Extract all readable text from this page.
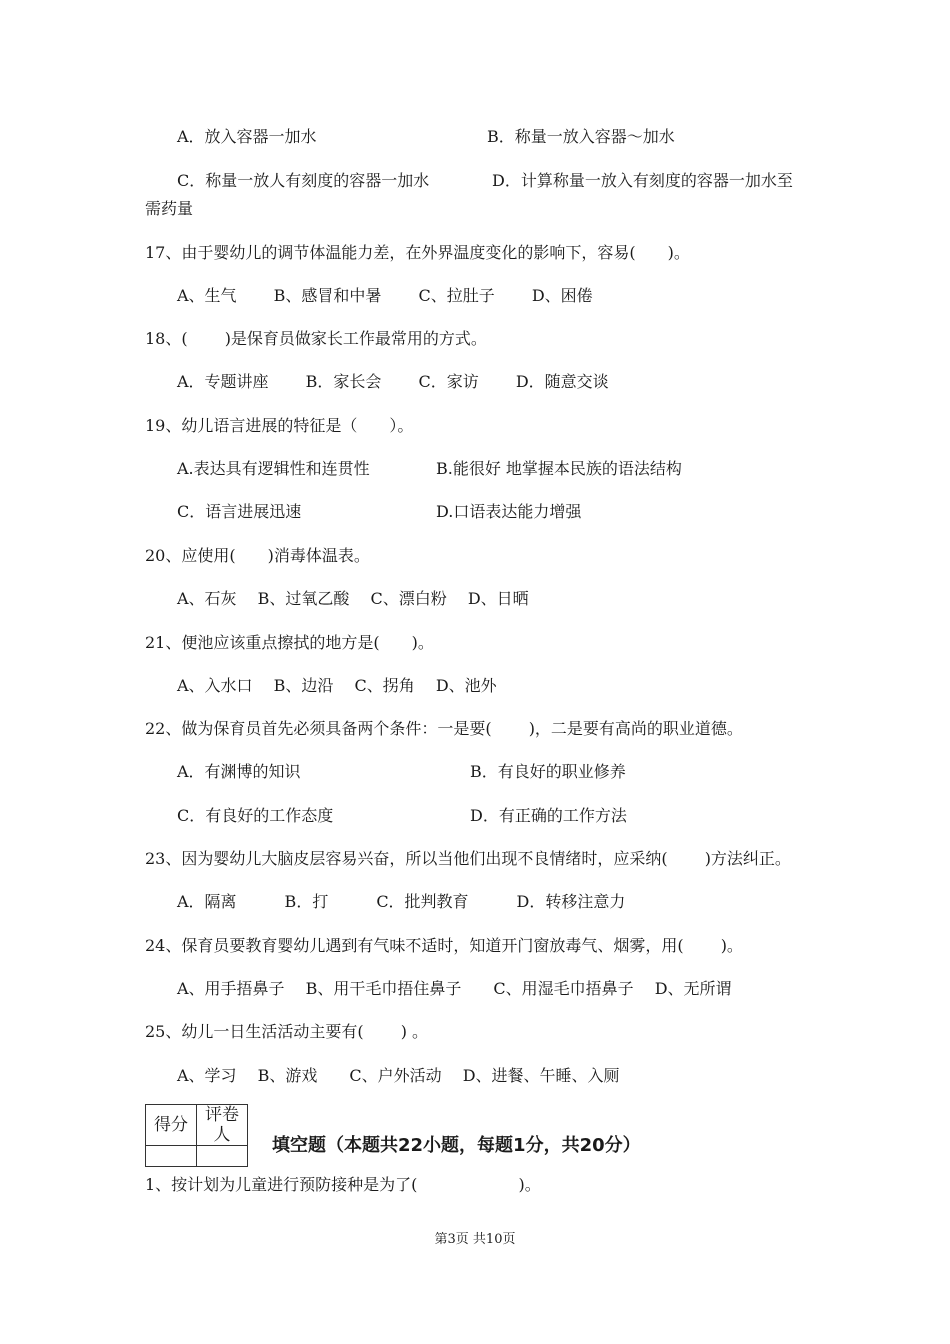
A．放入容器一加水	B．称量一放入容器～加水
C．称量一放人有刻度的容器一加水	D．计算称量一放入有刻度的容器一加水至
需药量
17、由于婴幼儿的调节体温能力差，在外界温度变化的影响下，容易(　　)。
A、生气　　 B、感冒和中暑　　 C、拉肚子　　 D、困倦
18、(　　 )是保育员做家长工作最常用的方式。
A．专题讲座　　 B．家长会　　 C．家访　　 D．随意交谈
19、幼儿语言进展的特征是（　　）。
A.表达具有逻辑性和连贯性	B.能很好 地掌握本民族的语法结构
C．语言进展迅速	D.口语表达能力增强
20、应使用(　　)消毒体温表。
A、石灰　 B、过氧乙酸　 C、漂白粉　 D、日晒
21、便池应该重点擦拭的地方是(　　)。
A、入水口　 B、边沿　 C、拐角　 D、池外
22、做为保育员首先必须具备两个条件：一是要(　　 )，二是要有高尚的职业道德。
A．有渊博的知识	B．有良好的职业修养
C．有良好的工作态度	D．有正确的工作方法
23、因为婴幼儿大脑皮层容易兴奋，所以当他们出现不良情绪时，应采纳(　　 )方法纠正。
A．隔离　　　B．打　　　C．批判教育　　　D．转移注意力
24、保育员要教育婴幼儿遇到有气味不适时，知道开门窗放毒气、烟雾，用(　　 )。
A、用手捂鼻子　 B、用干毛巾捂住鼻子　　C、用湿毛巾捂鼻子　 D、无所谓
25、幼儿一日生活活动主要有(　　 ) 。
A、学习　 B、游戏　　C、户外活动　 D、进餐、午睡、入厕
得分	评卷人
	填空题（本题共22小题，每题1分，共20分）
1、按计划为儿童进行预防接种是为了(　　　　　　 )。
第3页 共10页
